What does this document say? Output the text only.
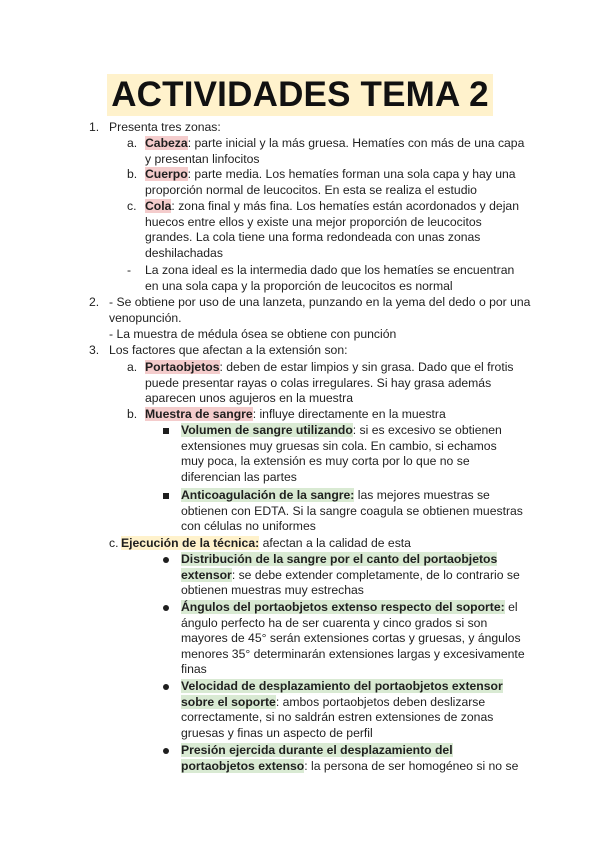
ACTIVIDADES TEMA 2
1. Presenta tres zonas:
a. Cabeza: parte inicial y la más gruesa. Hematíes con más de una capa
y presentan linfocitos
b. Cuerpo: parte media. Los hematíes forman una sola capa y hay una
proporción normal de leucocitos. En esta se realiza el estudio
c. Cola: zona final y más fina. Los hematíes están acordonados y dejan
huecos entre ellos y existe una mejor proporción de leucocitos
grandes. La cola tiene una forma redondeada con unas zonas
deshilachadas
- La zona ideal es la intermedia dado que los hematíes se encuentran
en una sola capa y la proporción de leucocitos es normal
2. - Se obtiene por uso de una lanzeta, punzando en la yema del dedo o por una
venopunción.
- La muestra de médula ósea se obtiene con punción
3. Los factores que afectan a la extensión son:
a. Portaobjetos: deben de estar limpios y sin grasa. Dado que el frotis
puede presentar rayas o colas irregulares. Si hay grasa además
aparecen unos agujeros en la muestra
b. Muestra de sangre: influye directamente en la muestra
Volumen de sangre utilizando: si es excesivo se obtienen
extensiones muy gruesas sin cola. En cambio, si echamos
muy poca, la extensión es muy corta por lo que no se
diferencian las partes
Anticoagulación de la sangre: las mejores muestras se
obtienen con EDTA. Si la sangre coagula se obtienen muestras
con células no uniformes
c. Ejecución de la técnica: afectan a la calidad de esta
Distribución de la sangre por el canto del portaobjetos
extensor: se debe extender completamente, de lo contrario se
obtienen muestras muy estrechas
Ángulos del portaobjetos extenso respecto del soporte: el
ángulo perfecto ha de ser cuarenta y cinco grados si son
mayores de 45° serán extensiones cortas y gruesas, y ángulos
menores 35° determinarán extensiones largas y excesivamente
finas
Velocidad de desplazamiento del portaobjetos extensor
sobre el soporte: ambos portaobjetos deben deslizarse
correctamente, si no saldrán estren extensiones de zonas
gruesas y finas un aspecto de perfil
Presión ejercida durante el desplazamiento del
portaobjetos extenso: la persona de ser homogéneo si no se
